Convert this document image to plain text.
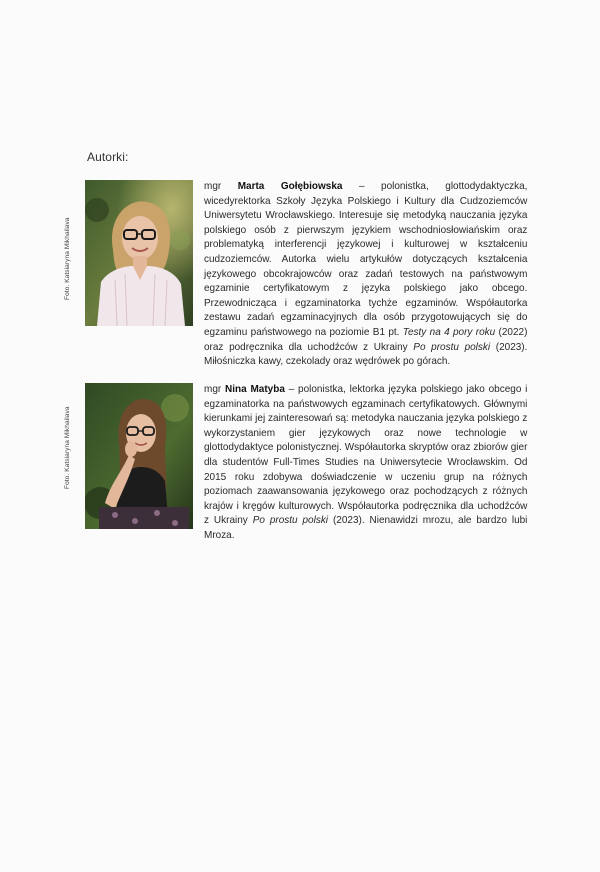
Autorki:
Foto. Katsiaryna Mikhailava
mgr Marta Gołębiowska – polonistka, glottodydaktyczka, wicedyrektorka Szkoły Języka Polskiego i Kultury dla Cudzoziemców Uniwersytetu Wrocławskiego. Interesuje się metodyką nauczania języka polskiego osób z pierwszym językiem wschodniosłowiańskim oraz problematyką interferencji językowej i kulturowej w kształceniu cudzoziemców. Autorka wielu artykułów dotyczących kształcenia językowego obcokrajowców oraz zadań testowych na państwowym egzaminie certyfikatowym z języka polskiego jako obcego. Przewodnicząca i egzaminatorka tychże egzaminów. Współautorka zestawu zadań egzaminacyjnych dla osób przygotowujących się do egzaminu państwowego na poziomie B1 pt. Testy na 4 pory roku (2022) oraz podręcznika dla uchodźców z Ukrainy Po prostu polski (2023). Miłośniczka kawy, czekolady oraz wędrówek po górach.
Foto. Katsiaryna Mikhailava
mgr Nina Matyba – polonistka, lektorka języka polskiego jako obcego i egzaminatorka na państwowych egzaminach certyfikatowych. Głównymi kierunkami jej zainteresowań są: metodyka nauczania języka polskiego z wykorzystaniem gier językowych oraz nowe technologie w glottodydaktyce polonistycznej. Współautorka skryptów oraz zbiorów gier dla studentów Full-Times Studies na Uniwersytecie Wrocławskim. Od 2015 roku zdobywa doświadczenie w uczeniu grup na różnych poziomach zaawansowania językowego oraz pochodzących z różnych krajów i kręgów kulturowych. Współautorka podręcznika dla uchodźców z Ukrainy Po prostu polski (2023). Nienawidzi mrozu, ale bardzo lubi Mroza.
